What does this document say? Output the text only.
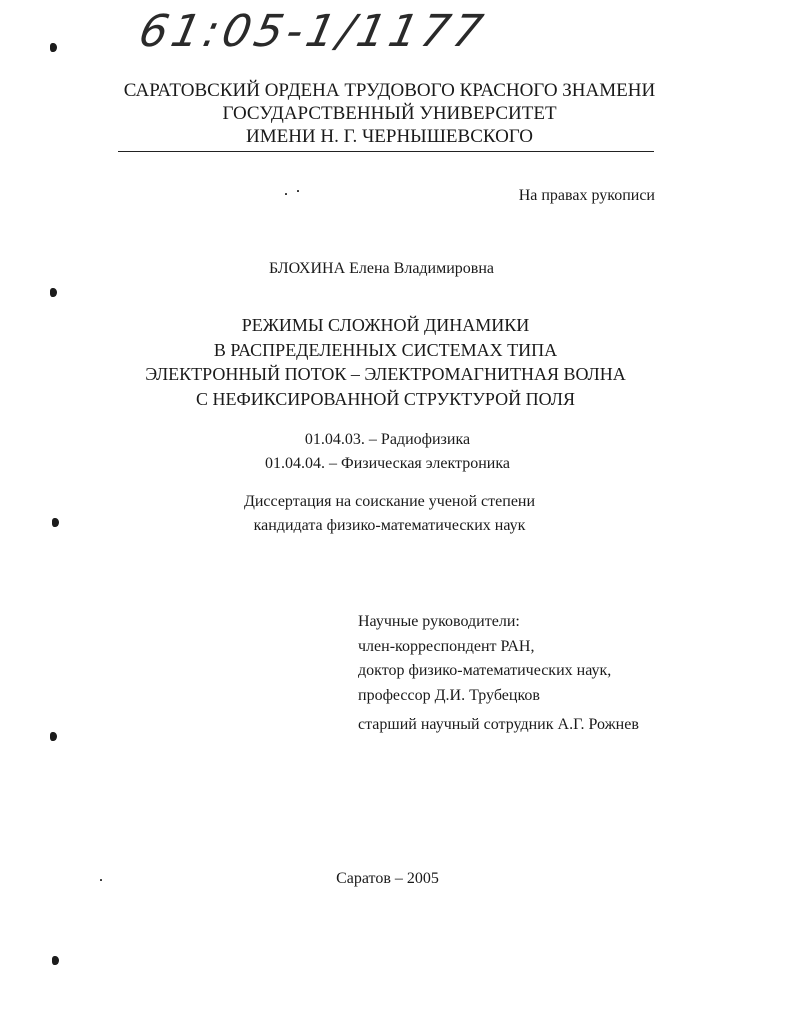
61:05-1/1177
САРАТОВСКИЙ ОРДЕНА ТРУДОВОГО КРАСНОГО ЗНАМЕНИ
ГОСУДАРСТВЕННЫЙ УНИВЕРСИТЕТ
ИМЕНИ Н. Г. ЧЕРНЫШЕВСКОГО
На правах рукописи
БЛОХИНА Елена Владимировна
РЕЖИМЫ СЛОЖНОЙ ДИНАМИКИ
В РАСПРЕДЕЛЕННЫХ СИСТЕМАХ ТИПА
ЭЛЕКТРОННЫЙ ПОТОК – ЭЛЕКТРОМАГНИТНАЯ ВОЛНА
С НЕФИКСИРОВАННОЙ СТРУКТУРОЙ ПОЛЯ
01.04.03. – Радиофизика
01.04.04. – Физическая электроника
Диссертация на соискание ученой степени
кандидата физико-математических наук
Научные руководители:
член-корреспондент РАН,
доктор физико-математических наук,
профессор Д.И. Трубецков
старший научный сотрудник А.Г. Рожнев
Саратов – 2005
